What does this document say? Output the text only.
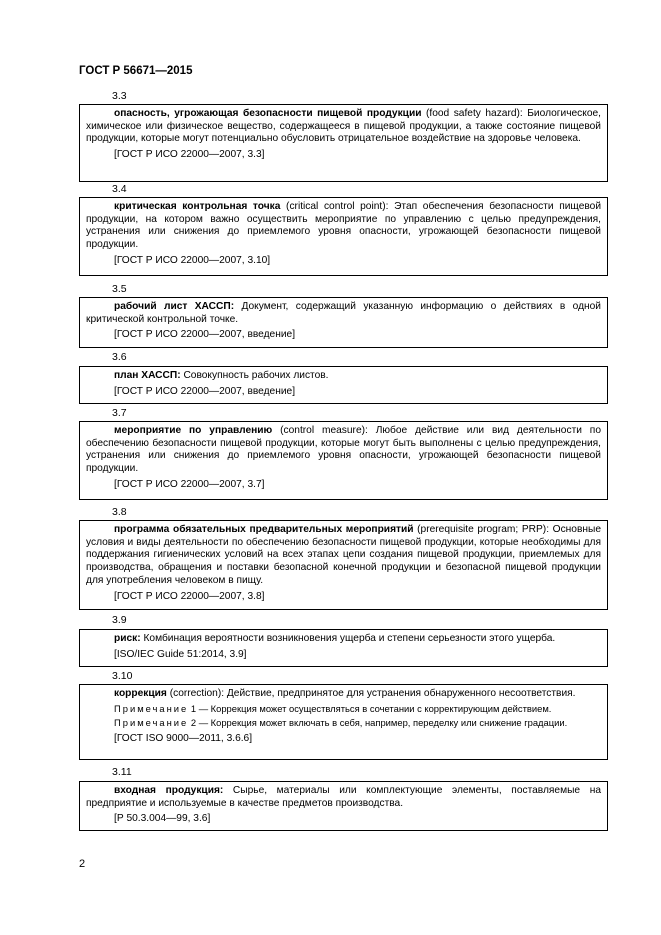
ГОСТ Р 56671—2015
3.3

опасность, угрожающая безопасности пищевой продукции (food safety hazard): Биологическое, химическое или физическое вещество, содержащееся в пищевой продукции, а также состояние пищевой продукции, которые могут потенциально обусловить отрицательное воздействие на здоровье человека.

[ГОСТ Р ИСО 22000—2007, 3.3]
3.4

критическая контрольная точка (critical control point): Этап обеспечения безопасности пищевой продукции, на котором важно осуществить мероприятие по управлению с целью предупреждения, устранения или снижения до приемлемого уровня опасности, угрожающей безопасности пищевой продукции.

[ГОСТ Р ИСО 22000—2007, 3.10]
3.5

рабочий лист ХАССП: Документ, содержащий указанную информацию о действиях в одной критической контрольной точке.

[ГОСТ Р ИСО 22000—2007, введение]
3.6

план ХАССП: Совокупность рабочих листов.

[ГОСТ Р ИСО 22000—2007, введение]
3.7

мероприятие по управлению (control measure): Любое действие или вид деятельности по обеспечению безопасности пищевой продукции, которые могут быть выполнены с целью предупреждения, устранения или снижения до приемлемого уровня опасности, угрожающей безопасности пищевой продукции.

[ГОСТ Р ИСО 22000—2007, 3.7]
3.8

программа обязательных предварительных мероприятий (prerequisite program; PRP): Основные условия и виды деятельности по обеспечению безопасности пищевой продукции, которые необходимы для поддержания гигиенических условий на всех этапах цепи создания пищевой продукции, приемлемых для производства, обращения и поставки безопасной конечной продукции и безопасной пищевой продукции для употребления человеком в пищу.

[ГОСТ Р ИСО 22000—2007, 3.8]
3.9

риск: Комбинация вероятности возникновения ущерба и степени серьезности этого ущерба.

[ISO/IEC Guide 51:2014, 3.9]
3.10

коррекция (correction): Действие, предпринятое для устранения обнаруженного несоответствия.

Примечание 1 — Коррекция может осуществляться в сочетании с корректирующим действием.
Примечание 2 — Коррекция может включать в себя, например, переделку или снижение градации.
[ГОСТ ISO 9000—2011, 3.6.6]
3.11

входная продукция: Сырье, материалы или комплектующие элементы, поставляемые на предприятие и используемые в качестве предметов производства.

[Р 50.3.004—99, 3.6]
2
